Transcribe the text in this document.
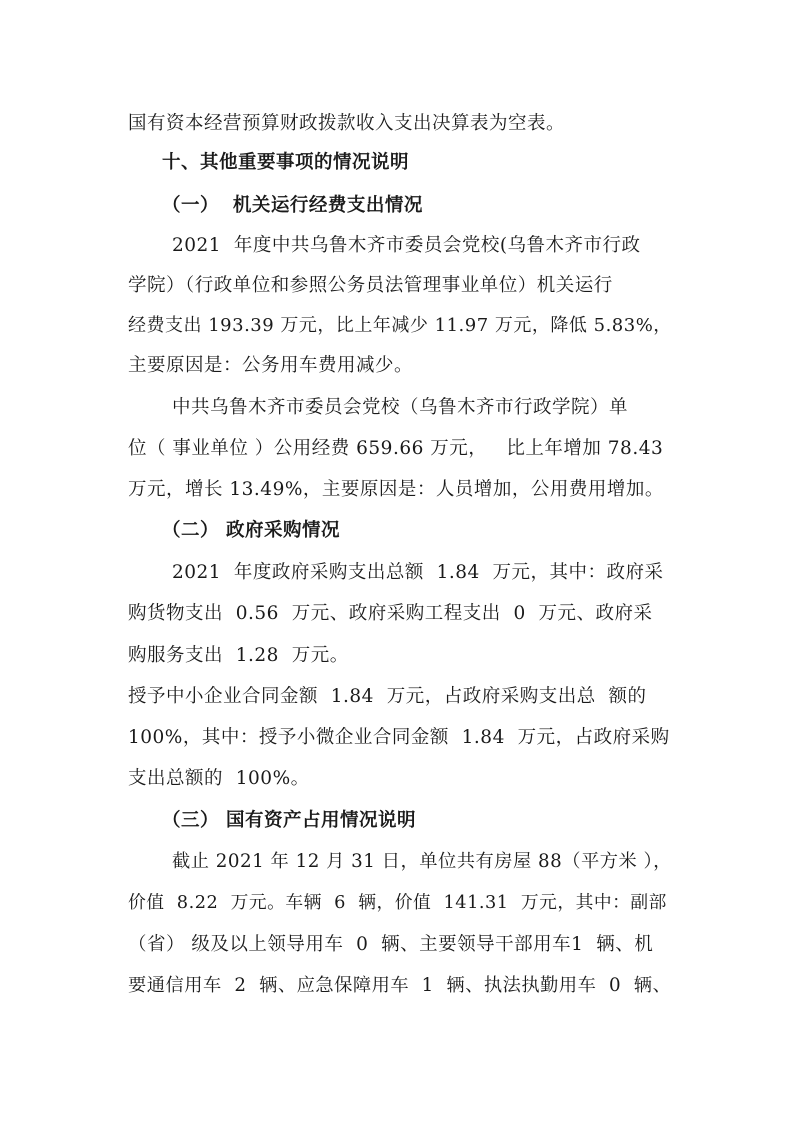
国有资本经营预算财政拨款收入支出决算表为空表。

十、其他重要事项的情况说明

（一）  机关运行经费支出情况

2021  年度中共乌鲁木齐市委员会党校(乌鲁木齐市行政

学院）（行政单位和参照公务员法管理事业单位）机关运行

经费支出 193.39 万元，比上年减少 11.97 万元，降低 5.83%，

主要原因是：公务用车费用减少。

中共乌鲁木齐市委员会党校（乌鲁木齐市行政学院）单

位（ 事业单位 ）公用经费 659.66 万元，   比上年增加 78.43

万元，增长 13.49%，主要原因是：人员增加，公用费用增加。

（二） 政府采购情况

2021  年度政府采购支出总额  1.84  万元，其中：政府采

购货物支出  0.56  万元、政府采购工程支出  0  万元、政府采

购服务支出  1.28  万元。

授予中小企业合同金额  1.84  万元，占政府采购支出总  额的

100%，其中：授予小微企业合同金额  1.84  万元，占政府采购

支出总额的  100%。

（三） 国有资产占用情况说明

截止 2021 年 12 月 31 日，单位共有房屋 88（平方米 ），

价值  8.22  万元。车辆  6  辆，价值  141.31  万元，其中：副部

（省） 级及以上领导用车  0  辆、主要领导干部用车1  辆、机

要通信用车  2  辆、应急保障用车  1  辆、执法执勤用车  0  辆、
